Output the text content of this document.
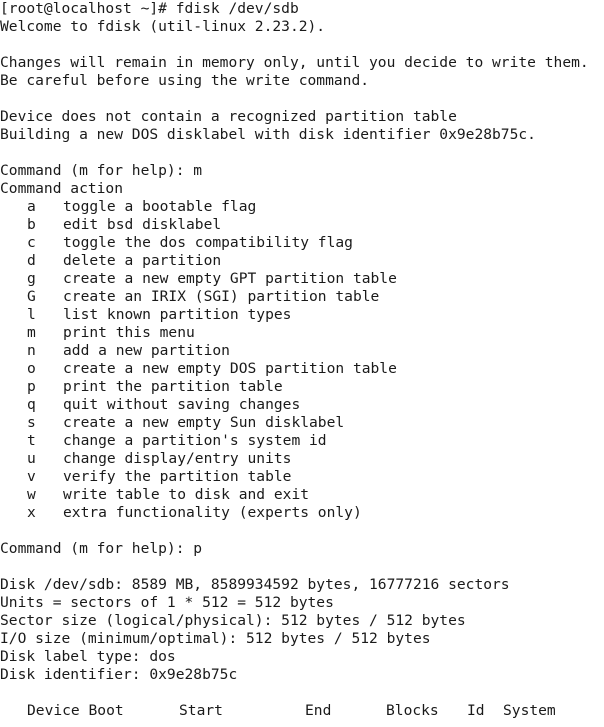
[root@localhost ~]# fdisk /dev/sdb
Welcome to fdisk (util-linux 2.23.2).

Changes will remain in memory only, until you decide to write them.
Be careful before using the write command.

Device does not contain a recognized partition table
Building a new DOS disklabel with disk identifier 0x9e28b75c.

Command (m for help): m
Command action
a toggle a bootable flag
b edit bsd disklabel
c toggle the dos compatibility flag
d delete a partition
g create a new empty GPT partition table
G create an IRIX (SGI) partition table
l list known partition types
m print this menu
n add a new partition
o create a new empty DOS partition table
p print the partition table
q quit without saving changes
s create a new empty Sun disklabel
t change a partition's system id
u change display/entry units
v verify the partition table
w write table to disk and exit
x extra functionality (experts only)

Command (m for help): p

Disk /dev/sdb: 8589 MB, 8589934592 bytes, 16777216 sectors
Units = sectors of 1 * 512 = 512 bytes
Sector size (logical/physical): 512 bytes / 512 bytes
I/O size (minimum/optimal): 512 bytes / 512 bytes
Disk label type: dos
Disk identifier: 0x9e28b75c

Device Boot	Start	End	Blocks Id System
